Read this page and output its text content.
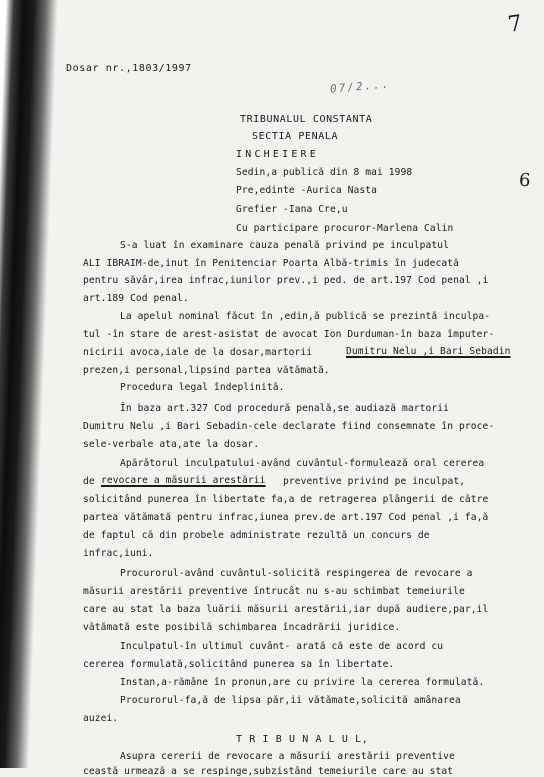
7
6
07/2...
Dosar nr.,1803/1997
TRIBUNALUL CONSTANTA
SECTIA PENALA
INCHEIERE
Sedin,a publică din 8 mai 1998
Pre,edinte -Aurica Nasta
Grefier -Iana Cre,u
Cu participare procuror-Marlena Calin
S-a luat în examinare cauza penală privind pe inculpatul
ALI IBRAIM-de,inut în Penitenciar Poarta Albă-trimis în judecată
pentru săvâr,irea infrac,iunilor prev.,i ped. de art.197 Cod penal ,i
art.189 Cod penal.
La apelul nominal făcut în ,edin,ă publică se prezintă inculpa-
tul -în stare de arest-asistat de avocat Ion Durduman-în baza împuter-
nicirii avoca,iale de la dosar,martorii	Dumitru Nelu ,i Bari Sebadin
prezen,i personal,lipsind partea vătămată.
Procedura legal îndeplinită.
În baza art.327 Cod procedură penală,se audiază martorii
Dumitru Nelu ,i Bari Sebadin-cele declarate fiind consemnate în proce-
sele-verbale ata,ate la dosar.
Apărătorul inculpatului-având cuvântul-formulează oral cererea
de revocare a măsurii arestării preventive privind pe inculpat,
solicitând punerea în libertate fa,a de retragerea plângerii de către
partea vătămată pentru infrac,iunea prev.de art.197 Cod penal ,i fa,ă
de faptul că din probele administrate rezultă un concurs de
infrac,iuni.
Procurorul-având cuvântul-solicită respingerea de revocare a
măsurii arestării preventive întrucât nu s-au schimbat temeiurile
care au stat la baza luării măsurii arestării,iar după audiere,par,il
vătămată este posibilă schimbarea încadrării juridice.
Inculpatul-în ultimul cuvânt- arată că este de acord cu
cererea formulată,solicitând punerea sa în libertate.
Instan,a-rămâne în pronun,are cu privire la cererea formulată.
Procurorul-fa,ă de lipsa păr,ii vătămate,solicită amânarea
auzei.
T R I B U N A L U L,
Asupra cererii de revocare a măsurii arestării preventive
ceastă urmează a se respinge,subzistând temeiurile care au stat
